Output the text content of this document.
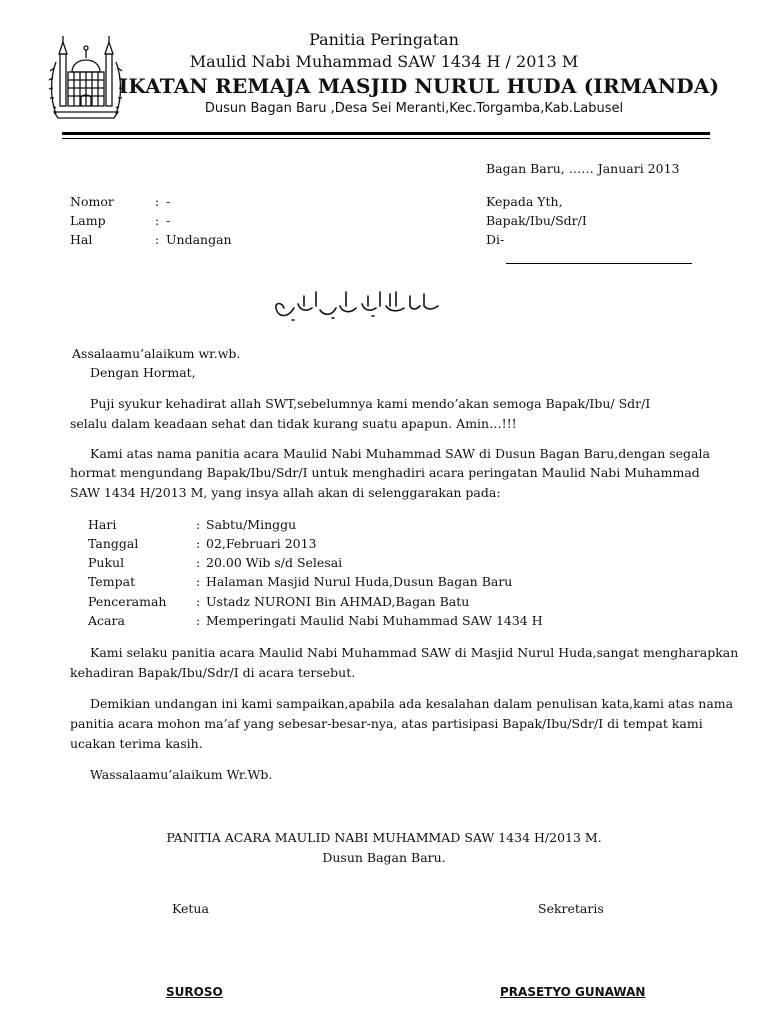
Panitia Peringatan
Maulid Nabi Muhammad SAW 1434 H / 2013 M
IKATAN REMAJA MASJID NURUL HUDA (IRMANDA)
Dusun Bagan Baru ,Desa Sei Meranti,Kec.Torgamba,Kab.Labusel
Bagan Baru, …… Januari 2013
Nomor	: -
Lamp	: -
Hal	: Undangan
Kepada Yth,
Bapak/Ibu/Sdr/I
Di-
Assalaamu’alaikum wr.wb.
Dengan Hormat,
Puji syukur kehadirat allah SWT,sebelumnya kami mendo’akan semoga Bapak/Ibu/ Sdr/I
selalu dalam keadaan sehat dan tidak kurang suatu apapun. Amin…!!!
Kami atas nama panitia acara Maulid Nabi Muhammad SAW di Dusun Bagan Baru,dengan segala
hormat mengundang Bapak/Ibu/Sdr/I untuk menghadiri acara peringatan Maulid Nabi Muhammad
SAW 1434 H/2013 M, yang insya allah akan di selenggarakan pada:
Hari	: Sabtu/Minggu
Tanggal	: 02,Februari 2013
Pukul	: 20.00 Wib s/d Selesai
Tempat	: Halaman Masjid Nurul Huda,Dusun Bagan Baru
Penceramah	: Ustadz NURONI Bin AHMAD,Bagan Batu
Acara	: Memperingati Maulid Nabi Muhammad SAW 1434 H
Kami selaku panitia acara Maulid Nabi Muhammad SAW di Masjid Nurul Huda,sangat mengharapkan
kehadiran Bapak/Ibu/Sdr/I di acara tersebut.
Demikian undangan ini kami sampaikan,apabila ada kesalahan dalam penulisan kata,kami atas nama
panitia acara mohon ma’af yang sebesar-besar-nya, atas partisipasi Bapak/Ibu/Sdr/I di tempat kami
ucakan terima kasih.
Wassalaamu’alaikum Wr.Wb.
PANITIA ACARA MAULID NABI MUHAMMAD SAW 1434 H/2013 M.
Dusun Bagan Baru.
Ketua	Sekretaris
SUROSO	PRASETYO GUNAWAN
